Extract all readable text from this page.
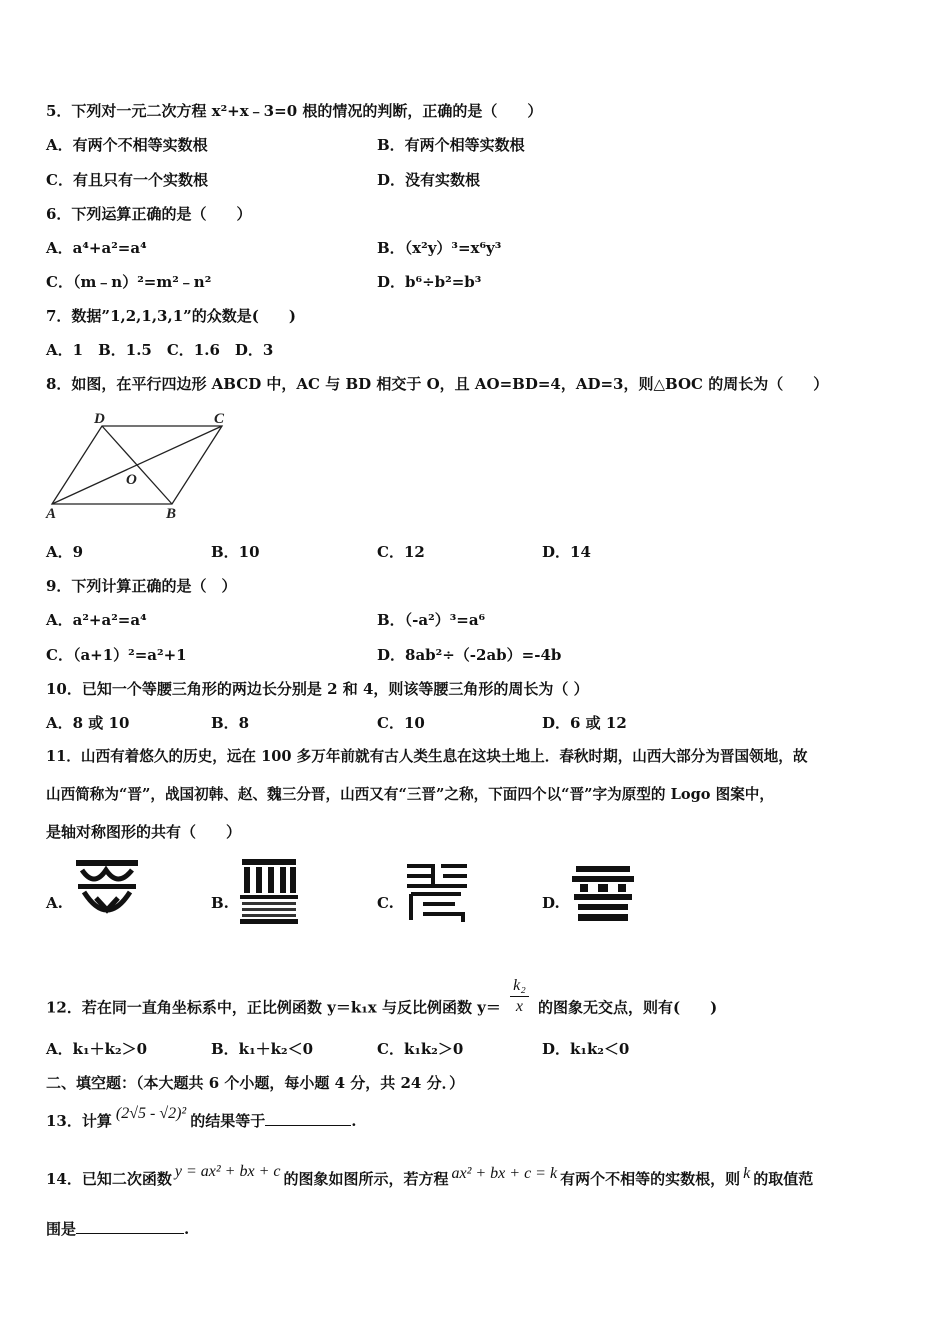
5．下列对一元二次方程 x²+x﹣3=0 根的情况的判断，正确的是（　　）
A．有两个不相等实数根	B．有两个相等实数根
C．有且只有一个实数根	D．没有实数根
6．下列运算正确的是（　　）
A．a⁴+a²=a⁴	B．（x²y）³=x⁶y³
C．（m﹣n）²=m²﹣n²	D．b⁶÷b²=b³
7．数据”1,2,1,3,1”的众数是(　　)
A．1　B．1.5　C．1.6　D．3
8．如图，在平行四边形 ABCD 中，AC 与 BD 相交于 O，且 AO=BD=4，AD=3，则△BOC 的周长为（　　）
D	C
O
A	B
A．9	B．10	C．12	D．14
9．下列计算正确的是（　）
A．a²+a²=a⁴	B．（-a²）³=a⁶
C．（a+1）²=a²+1	D．8ab²÷（-2ab）=-4b
10．已知一个等腰三角形的两边长分别是 2 和 4，则该等腰三角形的周长为（ ）
A．8 或 10	B．8	C．10	D．6 或 12
11．山西有着悠久的历史，远在 100 多万年前就有古人类生息在这块土地上．春秋时期，山西大部分为晋国领地，故
山西简称为“晋”，战国初韩、赵、魏三分晋，山西又有“三晋”之称，下面四个以“晋”字为原型的 Logo 图案中，
是轴对称图形的共有（　　）
A.	B.	C.	D.
12．若在同一直角坐标系中，正比例函数 y＝k₁x 与反比例函数 $y= \frac{\text{k₂}}{x}$ 的图象无交点，则有(　　)
A．k₁＋k₂＞0	B．k₁＋k₂＜0	C．k₁k₂＞0	D．k₁k₂＜0
二、填空题：（本大题共 6 个小题，每小题 4 分，共 24 分．）
13．计算 (2√5 - √2)² 的结果等于	.
14．已知二次函数 y = ax² + bx + c 的图象如图所示，若方程 ax² + bx + c = k 有两个不相等的实数根，则 k 的取值范
围是	.
